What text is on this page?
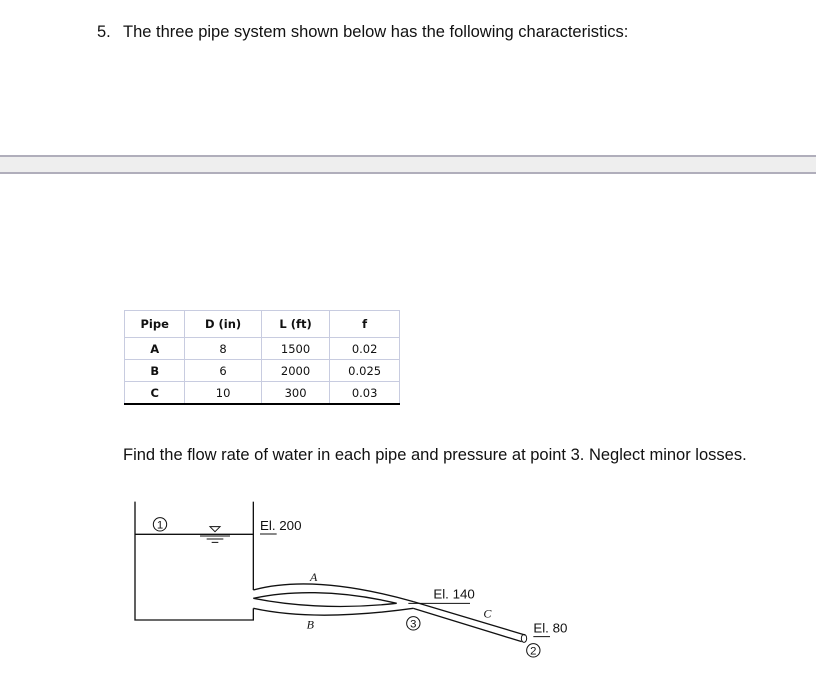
5. The three pipe system shown below has the following characteristics:
Pipe	D (in)	L (ft)	f
A	8	1500	0.02
B	6	2000	0.025
C	10	300	0.03
Find the flow rate of water in each pipe and pressure at point 3. Neglect minor losses.
1 El. 200
A
B
C
El. 140
3	El. 80
2
